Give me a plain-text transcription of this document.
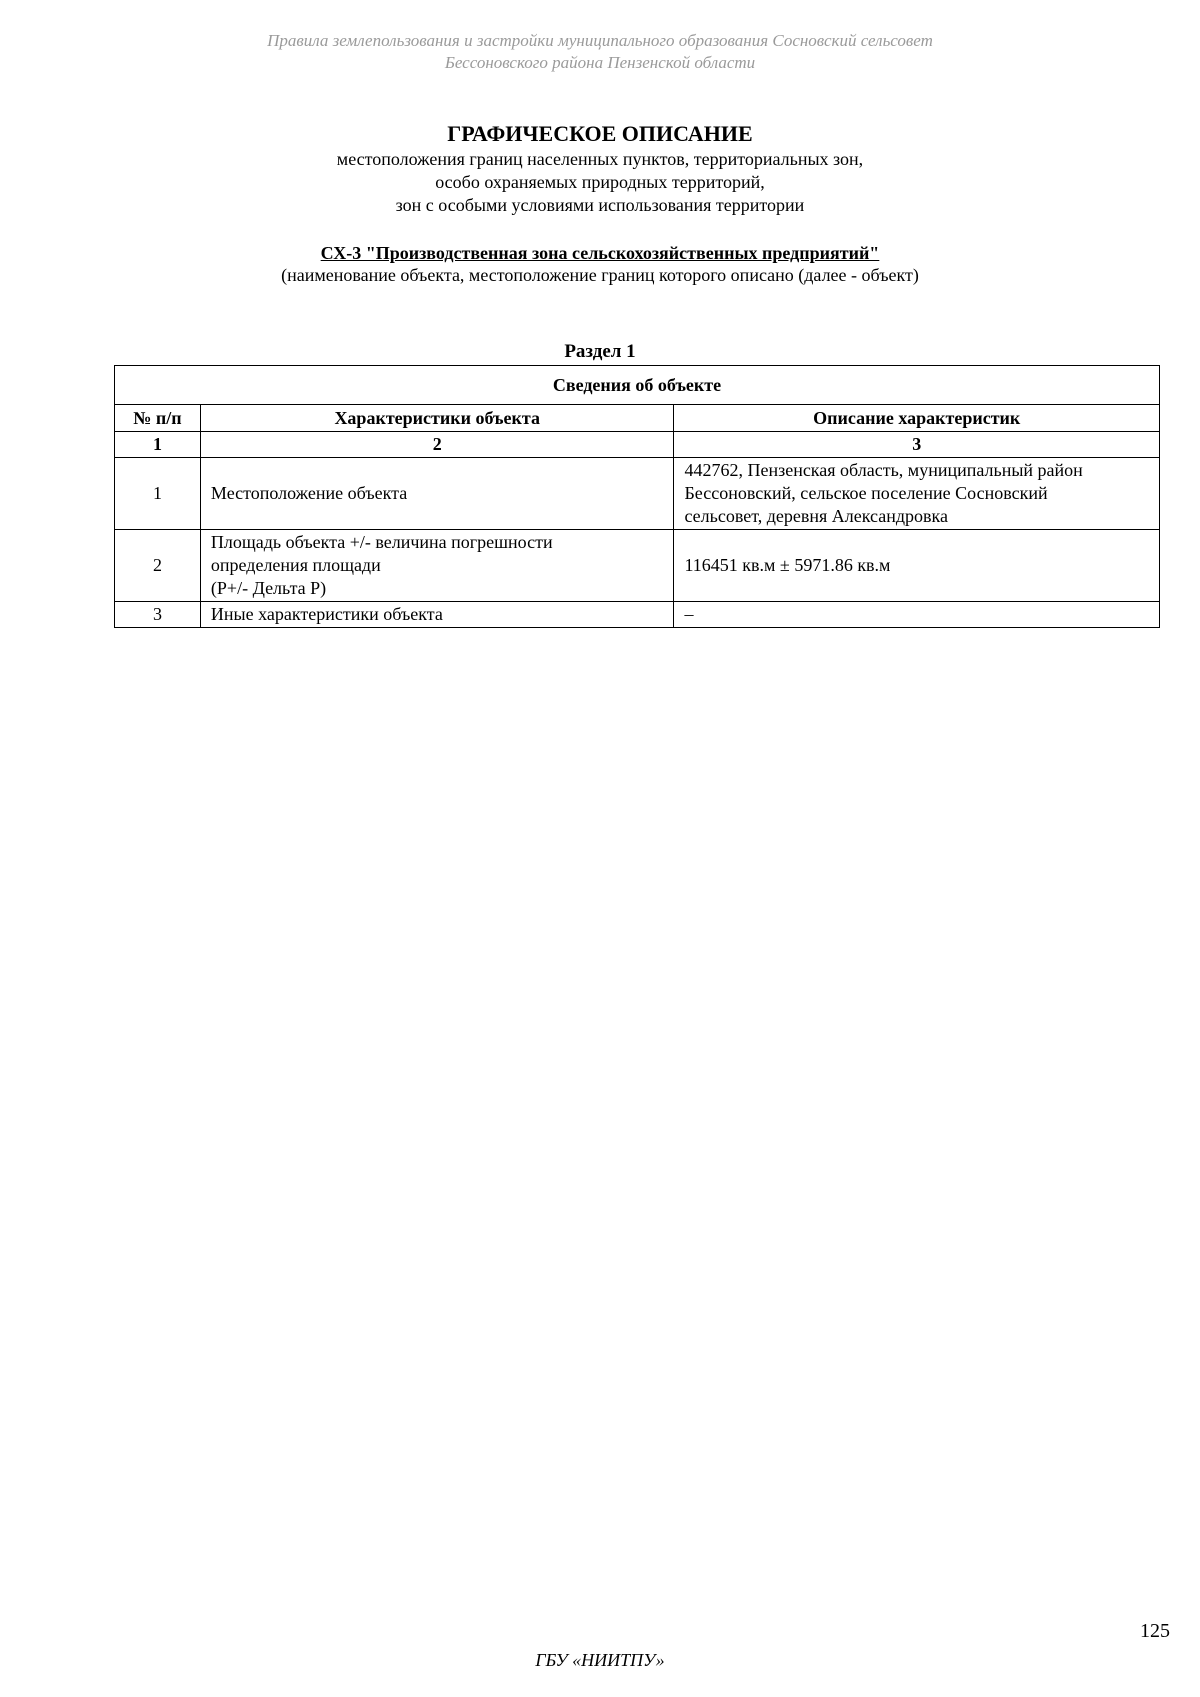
Правила землепользования и застройки муниципального образования Сосновский сельсовет
Бессоновского района Пензенской области
ГРАФИЧЕСКОЕ ОПИСАНИЕ
местоположения границ населенных пунктов, территориальных зон,
особо охраняемых природных территорий,
зон с особыми условиями использования территории
СХ-3 "Производственная зона сельскохозяйственных предприятий"
(наименование объекта, местоположение границ которого описано (далее - объект)
Раздел 1
Сведения об объекте		
№ п/п	Характеристики объекта	Описание характеристик
1	2	3
1	Местоположение объекта	442762, Пензенская область, муниципальный район
Бессоновский, сельское поселение Сосновский
сельсовет, деревня Александровка

2	Площадь объекта +/- величина погрешности
определения площади
(Р+/- Дельта Р)	116451 кв.м ± 5971.86 кв.м

3	Иные характеристики объекта	–
125
ГБУ «НИИТПУ»
